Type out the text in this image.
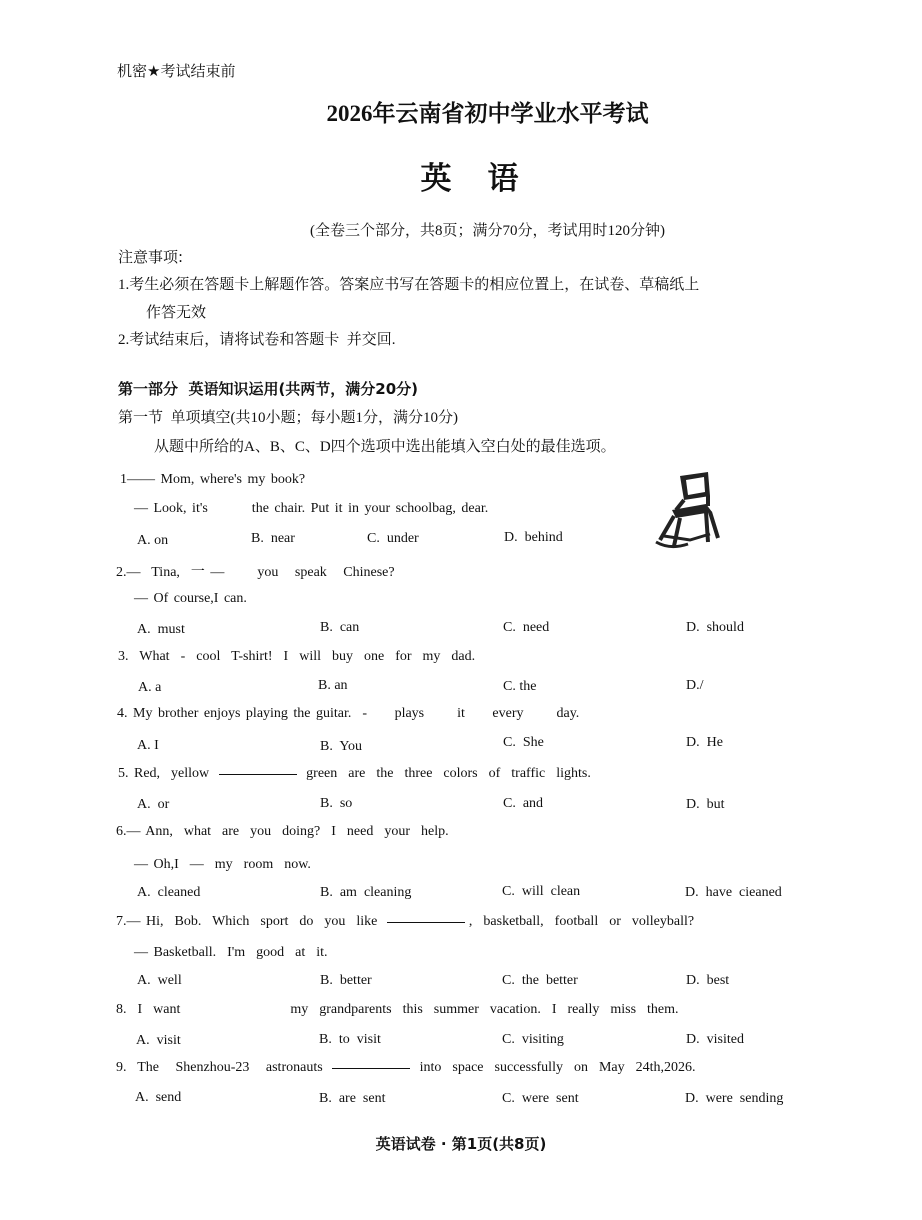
机密★考试结束前
2026年云南省初中学业水平考试
英语
(全卷三个部分，共8页；满分70分，考试用时120分钟)
注意事项:
1.考生必须在答题卡上解题作答。答案应书写在答题卡的相应位置上，在试卷、草稿纸上
作答无效
2.考试结束后，请将试卷和答题卡  并交回.
第一部分  英语知识运用(共两节，满分20分)
第一节  单项填空(共10小题；每小题1分，满分10分)
从题中所给的A、B、C、D四个选项中选出能填入空白处的最佳选项。
1—— Mom, where's my book?
— Look, it's        the chair. Put it in your schoolbag, dear.
A. on	B.  near	C.  under	D.  behind
2.—  Tina,  一 —      you   speak   Chinese?
— Of course,I can.
A.  must	B.  can	C.  need	D.  should
3.  What  -  cool  T-shirt!  I  will  buy  one  for  my  dad.
A. a	B. an	C. the	D./
4. My brother enjoys playing the guitar.  -     plays      it     every      day.
A. I	B.  You	C.  She	D.  He
5. Red,  yellow	green  are  the  three  colors  of  traffic  lights.
A.  or	B.  so	C.  and	D.  but
6.— Ann,  what  are  you  doing?  I  need  your  help.
— Oh,I  —  my  room  now.
A.  cleaned	B.  am  cleaning	C.  will  clean	D.  have  cieaned
7.— Hi,  Bob.  Which  sport  do  you  like	,  basketball,  football  or  volleyball?
— Basketball.  I'm  good  at  it.
A.  well	B.  better	C.  the  better	D.  best
8.  I  want                    my  grandparents  this  summer  vacation.  I  really  miss  them.
A.  visit	B.  to  visit	C.  visiting	D.  visited
9.  The   Shenzhou-23   astronauts	into  space  successfully  on  May  24th,2026.
A.  send	B.  are  sent	C.  were  sent	D.  were  sending
英语试卷 · 第1页(共8页)
